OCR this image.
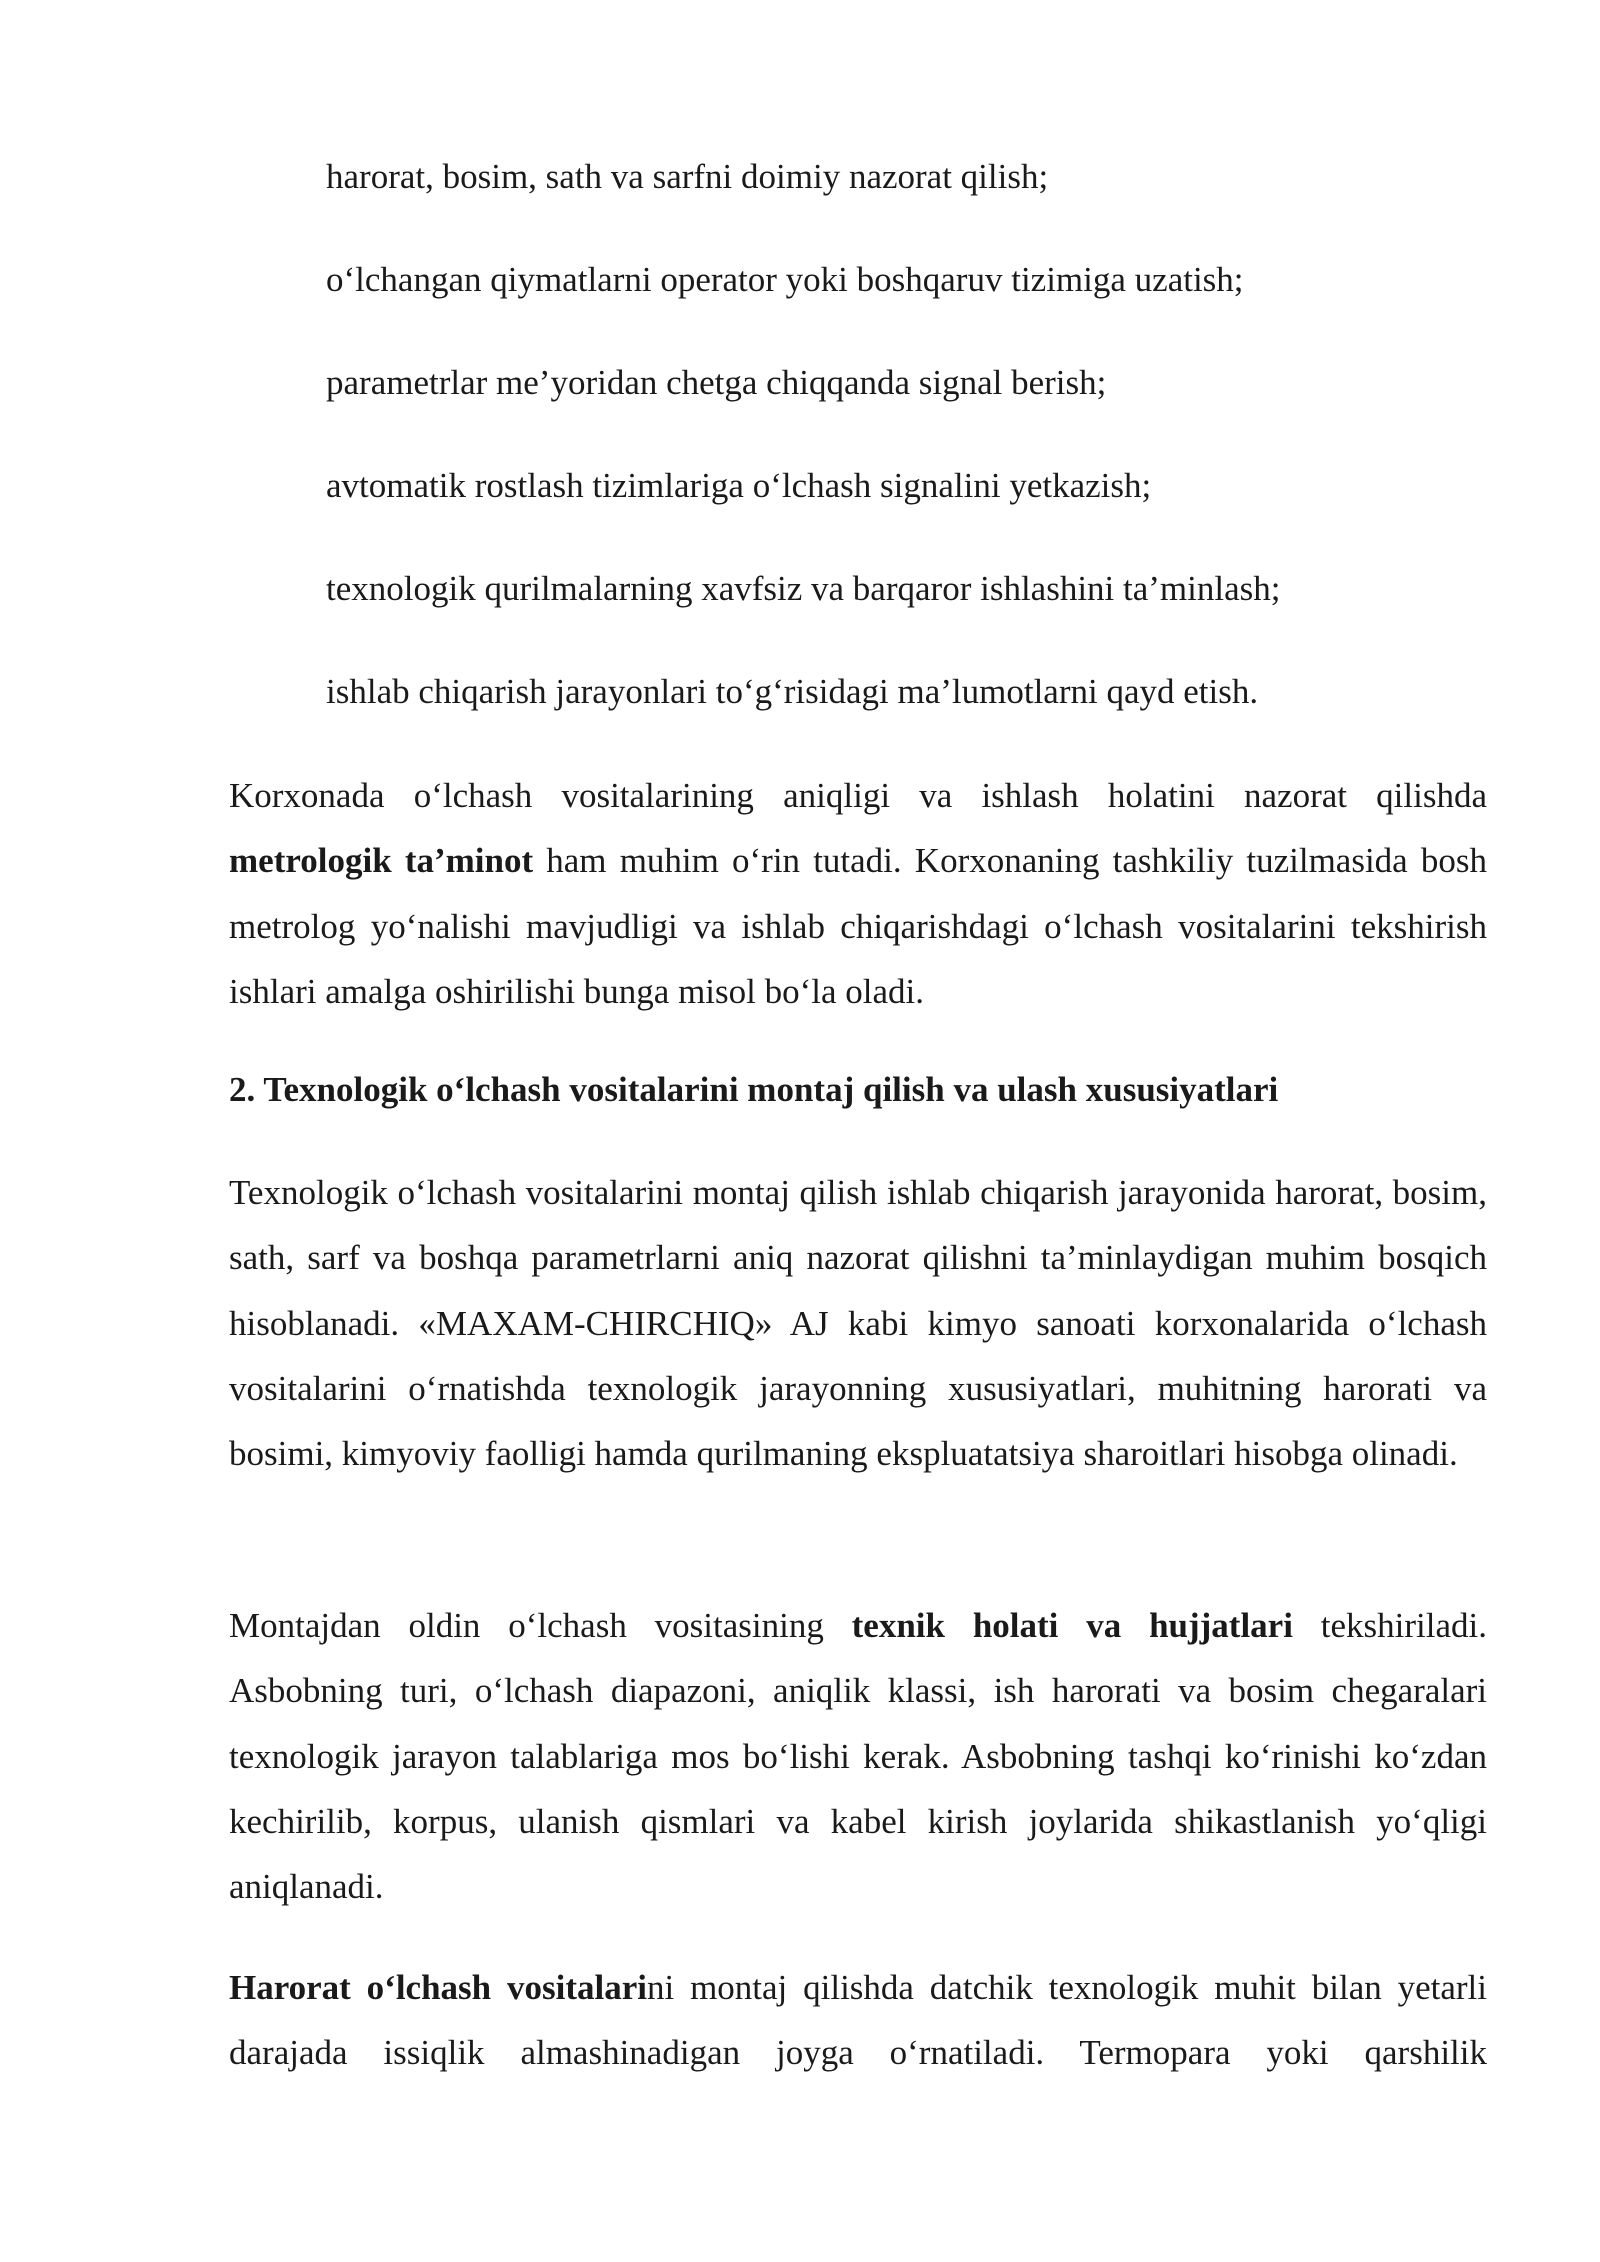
harorat, bosim, sath va sarfni doimiy nazorat qilish;
o‘lchangan qiymatlarni operator yoki boshqaruv tizimiga uzatish;
parametrlar me’yoridan chetga chiqqanda signal berish;
avtomatik rostlash tizimlariga o‘lchash signalini yetkazish;
texnologik qurilmalarning xavfsiz va barqaror ishlashini ta’minlash;
ishlab chiqarish jarayonlari to‘g‘risidagi ma’lumotlarni qayd etish.

Korxonada o‘lchash vositalarining aniqligi va ishlash holatini nazorat qilishda metrologik ta’minot ham muhim o‘rin tutadi. Korxonaning tashkiliy tuzilmasida bosh metrolog yo‘nalishi mavjudligi va ishlab chiqarishdagi o‘lchash vositalarini tekshirish ishlari amalga oshirilishi bunga misol bo‘la oladi.

2. Texnologik o‘lchash vositalarini montaj qilish va ulash xususiyatlari

Texnologik o‘lchash vositalarini montaj qilish ishlab chiqarish jarayonida harorat, bosim, sath, sarf va boshqa parametrlarni aniq nazorat qilishni ta’minlaydigan muhim bosqich hisoblanadi. «MAXAM-CHIRCHIQ» AJ kabi kimyo sanoati korxonalarida o‘lchash vositalarini o‘rnatishda texnologik jarayonning xususiyatlari, muhitning harorati va bosimi, kimyoviy faolligi hamda qurilmaning ekspluatatsiya sharoitlari hisobga olinadi.

Montajdan oldin o‘lchash vositasining texnik holati va hujjatlari tekshiriladi. Asbobning turi, o‘lchash diapazoni, aniqlik klassi, ish harorati va bosim chegaralari texnologik jarayon talablariga mos bo‘lishi kerak. Asbobning tashqi ko‘rinishi ko‘zdan kechirilib, korpus, ulanish qismlari va kabel kirish joylarida shikastlanish yo‘qligi aniqlanadi.

Harorat o‘lchash vositalarini montaj qilishda datchik texnologik muhit bilan yetarli darajada issiqlik almashinadigan joyga o‘rnatiladi. Termopara yoki qarshilik
